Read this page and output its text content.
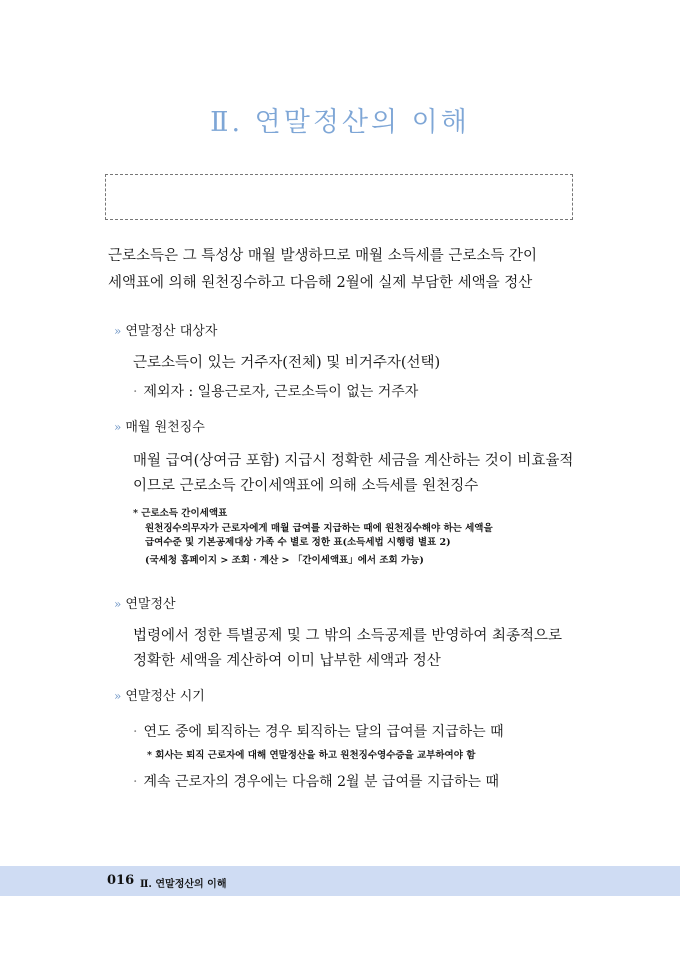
Ⅱ. 연말정산의 이해
근로소득은 그 특성상 매월 발생하므로 매월 소득세를 근로소득 간이
세액표에 의해 원천징수하고 다음해 2월에 실제 부담한 세액을 정산
» 연말정산 대상자
근로소득이 있는 거주자(전체) 및 비거주자(선택)
· 제외자 : 일용근로자, 근로소득이 없는 거주자
» 매월 원천징수
매월 급여(상여금 포함) 지급시 정확한 세금을 계산하는 것이 비효율적
이므로 근로소득 간이세액표에 의해 소득세를 원천징수
* 근로소득 간이세액표
원천징수의무자가 근로자에게 매월 급여를 지급하는 때에 원천징수해야 하는 세액을
급여수준 및 기본공제대상 가족 수 별로 정한 표(소득세법 시행령 별표 2)
(국세청 홈페이지 > 조회 · 계산 > 「간이세액표」에서 조회 가능)
» 연말정산
법령에서 정한 특별공제 및 그 밖의 소득공제를 반영하여 최종적으로
정확한 세액을 계산하여 이미 납부한 세액과 정산
» 연말정산 시기
· 연도 중에 퇴직하는 경우 퇴직하는 달의 급여를 지급하는 때
* 회사는 퇴직 근로자에 대해 연말정산을 하고 원천징수영수증을 교부하여야 함
· 계속 근로자의 경우에는 다음해 2월 분 급여를 지급하는 때
016 Ⅱ. 연말정산의 이해
